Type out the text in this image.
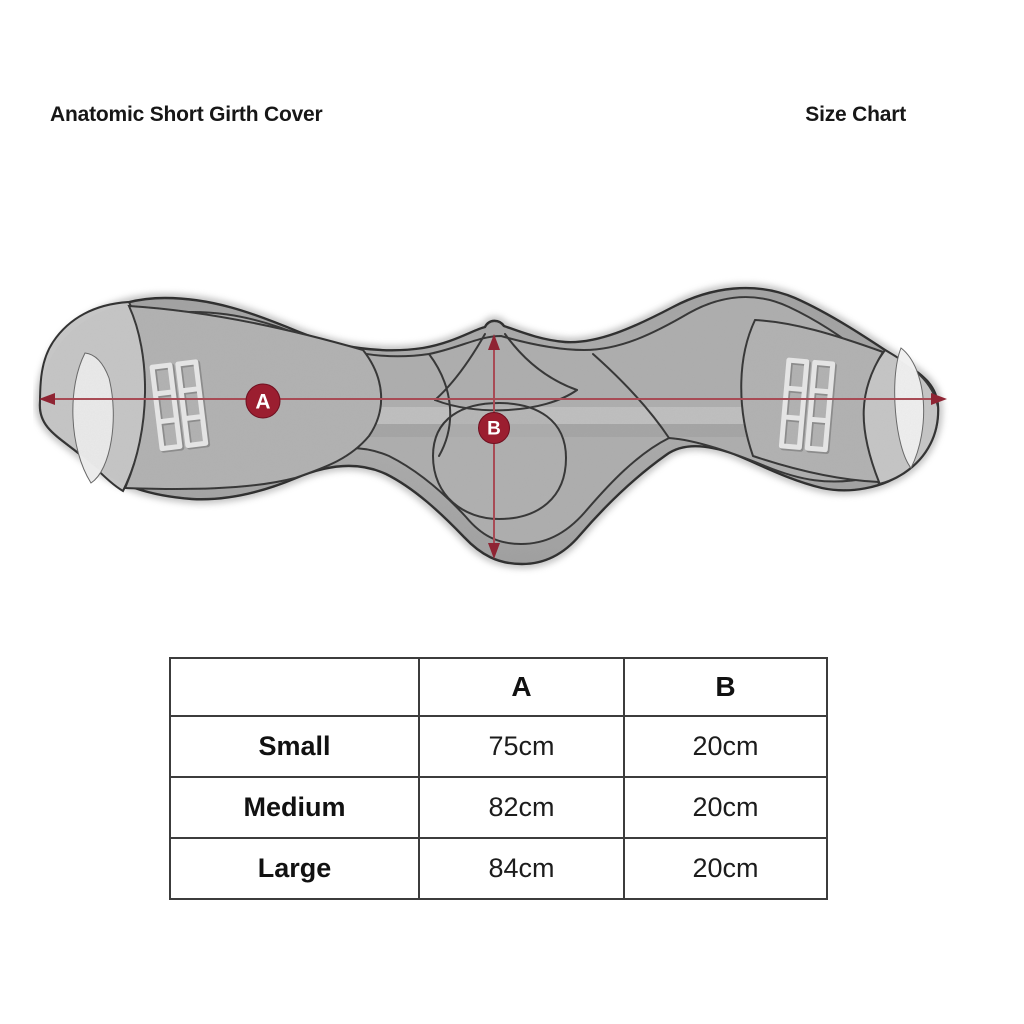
Anatomic Short Girth Cover	Size Chart
A
B
	A	B
Small	75cm	20cm
Medium	82cm	20cm
Large	84cm	20cm
